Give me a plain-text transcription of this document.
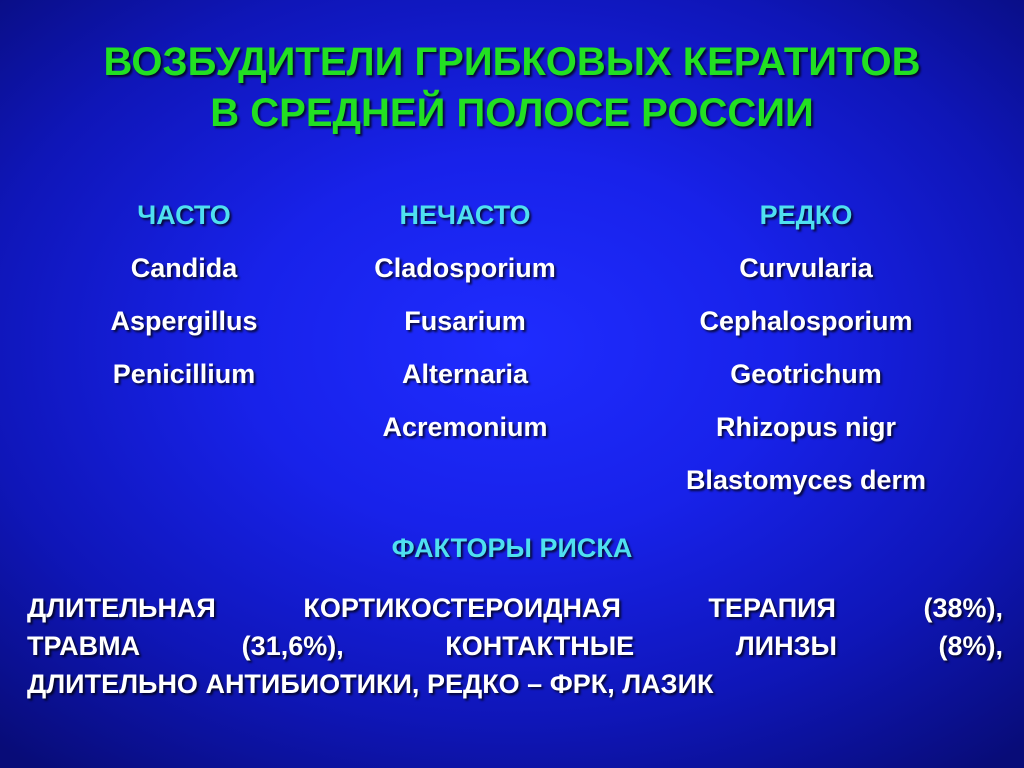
ВОЗБУДИТЕЛИ ГРИБКОВЫХ КЕРАТИТОВ
В СРЕДНЕЙ ПОЛОСЕ РОССИИ
ЧАСТО
Candida
Aspergillus
Penicillium
НЕЧАСТО
Cladosporium
Fusarium
Alternaria
Acremonium
РЕДКО
Curvularia
Cephalosporium
Geotrichum
Rhizopus nigr
Blastomyces derm
ФАКТОРЫ РИСКА
ДЛИТЕЛЬНАЯ КОРТИКОСТЕРОИДНАЯ ТЕРАПИЯ (38%),
ТРАВМА (31,6%), КОНТАКТНЫЕ ЛИНЗЫ (8%),
ДЛИТЕЛЬНО АНТИБИОТИКИ, РЕДКО – ФРК, ЛАЗИК
